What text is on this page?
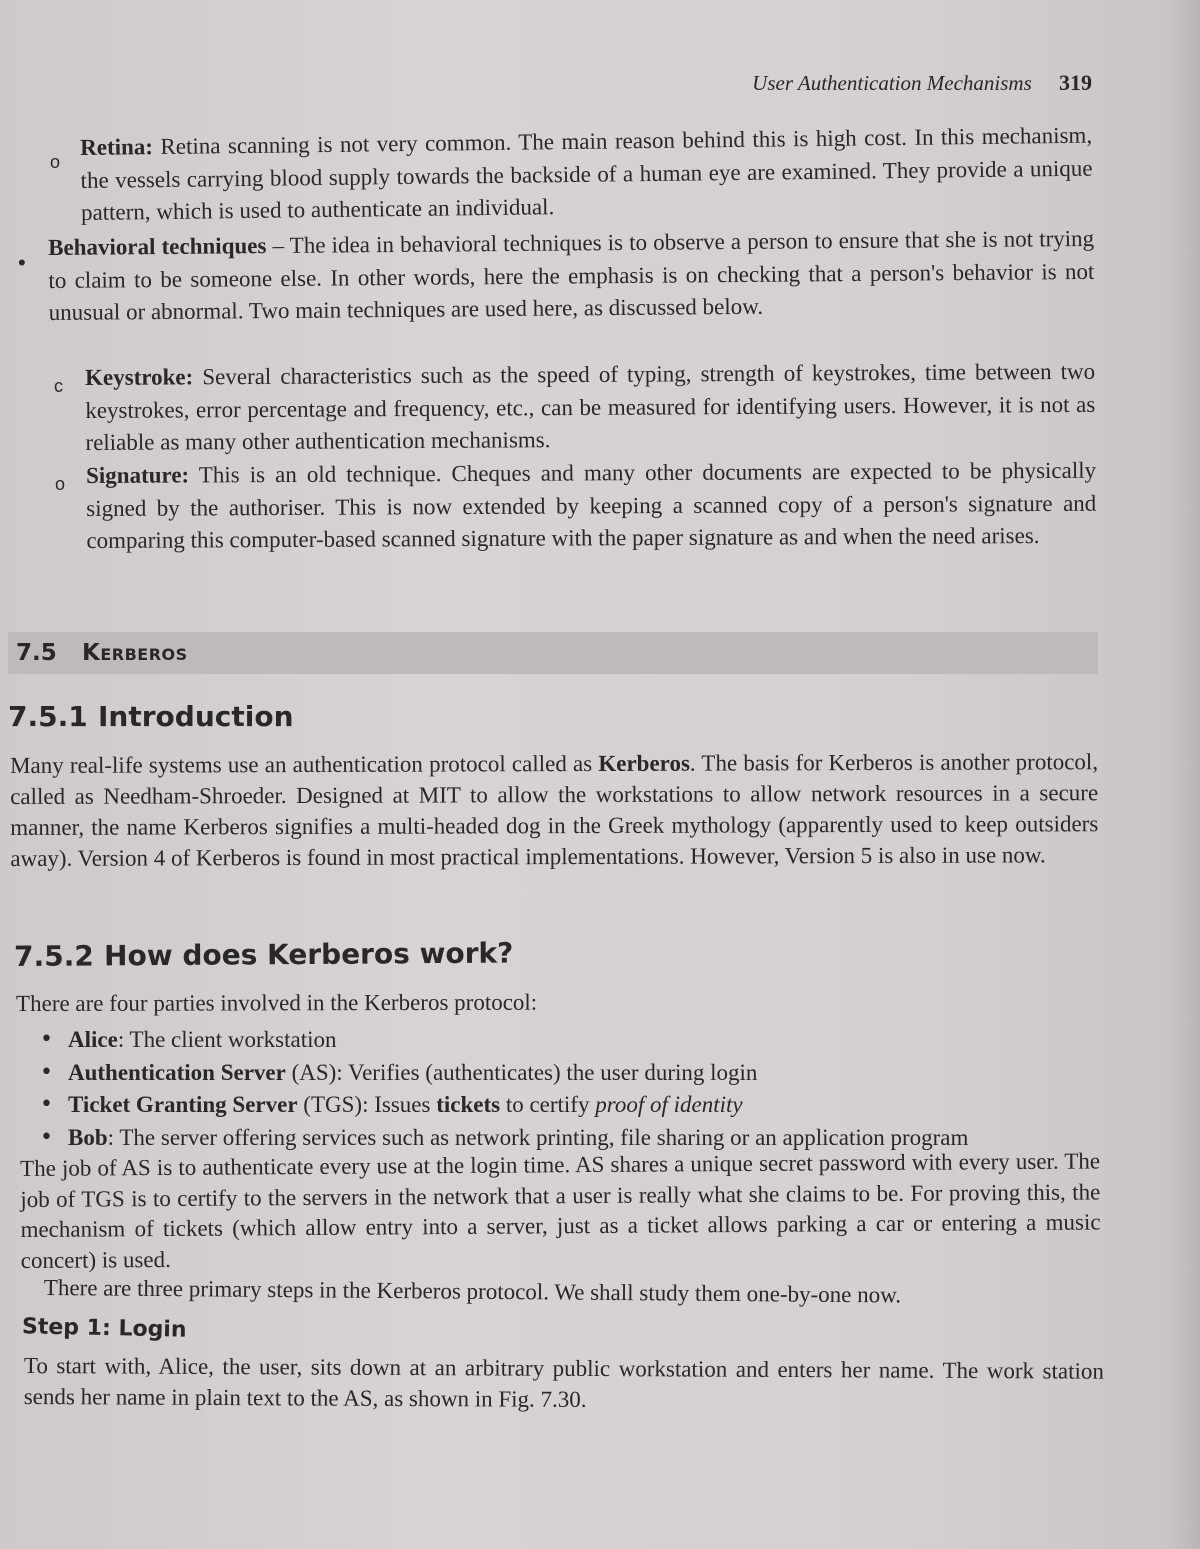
User Authentication Mechanisms 319
o
Retina: Retina scanning is not very common. The main reason behind this is high cost. In this mechanism, the vessels carrying blood supply towards the backside of a human eye are examined. They provide a unique pattern, which is used to authenticate an individual.
•
Behavioral techniques – The idea in behavioral techniques is to observe a person to ensure that she is not trying to claim to be someone else. In other words, here the emphasis is on checking that a person's behavior is not unusual or abnormal. Two main techniques are used here, as discussed below.
c Keystroke: Several characteristics such as the speed of typing, strength of keystrokes, time between two keystrokes, error percentage and frequency, etc., can be measured for identifying users. However, it is not as reliable as many other authentication mechanisms.
o Signature: This is an old technique. Cheques and many other documents are expected to be physically signed by the authoriser. This is now extended by keeping a scanned copy of a person's signature and comparing this computer-based scanned signature with the paper signature as and when the need arises.
7.5 Kerberos
7.5.1 Introduction
Many real-life systems use an authentication protocol called as Kerberos. The basis for Kerberos is another protocol, called as Needham-Shroeder. Designed at MIT to allow the workstations to allow network resources in a secure manner, the name Kerberos signifies a multi-headed dog in the Greek mythology (apparently used to keep outsiders away). Version 4 of Kerberos is found in most practical implementations. However, Version 5 is also in use now.
7.5.2 How does Kerberos work?
There are four parties involved in the Kerberos protocol:
• Alice: The client workstation
• Authentication Server (AS): Verifies (authenticates) the user during login
• Ticket Granting Server (TGS): Issues tickets to certify proof of identity
• Bob: The server offering services such as network printing, file sharing or an application program
The job of AS is to authenticate every use at the login time. AS shares a unique secret password with every user. The job of TGS is to certify to the servers in the network that a user is really what she claims to be. For proving this, the mechanism of tickets (which allow entry into a server, just as a ticket allows parking a car or entering a music concert) is used.
There are three primary steps in the Kerberos protocol. We shall study them one-by-one now.
Step 1: Login
To start with, Alice, the user, sits down at an arbitrary public workstation and enters her name. The work station sends her name in plain text to the AS, as shown in Fig. 7.30.
